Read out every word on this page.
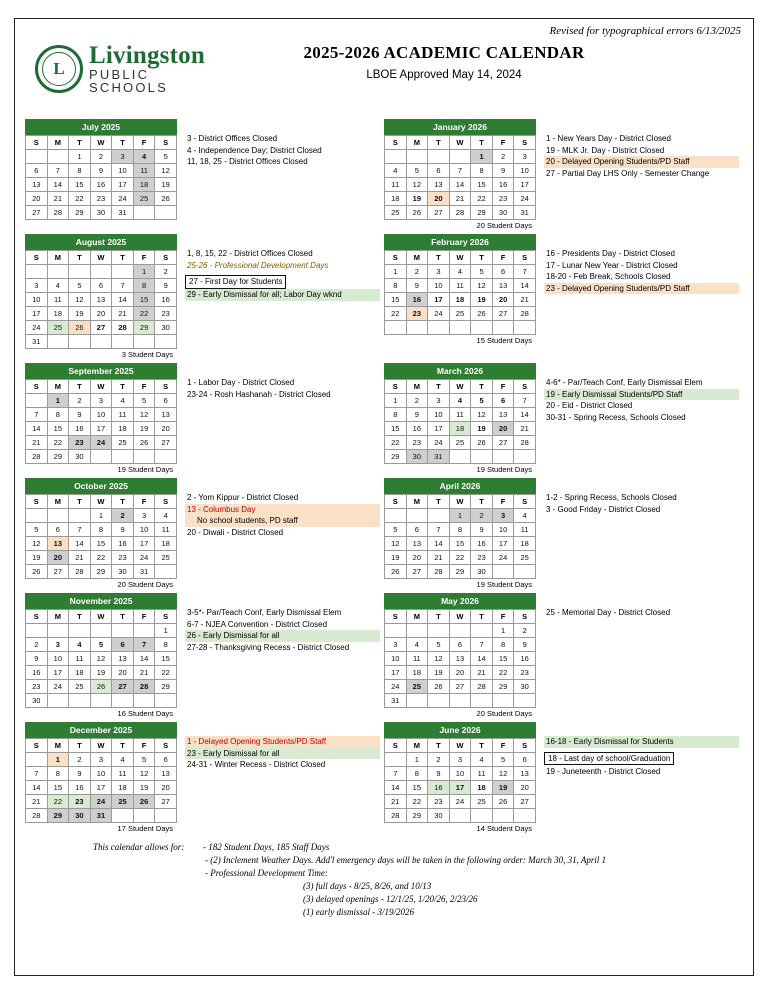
Revised for typographical errors 6/13/2025
L Livingston
PUBLIC SCHOOLS
2025-2026 ACADEMIC CALENDAR
LBOE Approved May 14, 2024
July 2025
S	M	T	W	T	F	S
		1	2	3	4	5
6	7	8	9	10	11	12
13	14	15	16	17	18	19
20	21	22	23	24	25	26
27	28	29	30	31		
3 - District Offices Closed
4 - Independence Day; District Closed
11, 18, 25 - District Offices Closed
January 2026
S	M	T	W	T	F	S
				1	2	3
4	5	6	7	8	9	10
11	12	13	14	15	16	17
18	19	20	21	22	23	24
25	26	27	28	29	30	31
20 Student Days
1 - New Years Day - District Closed
19 - MLK Jr. Day - District Closed
20 - Delayed Opening Students/PD Staff
27 - Partial Day LHS Only - Semester Change
August 2025
S	M	T	W	T	F	S
					1	2
3	4	5	6	7	8	9
10	11	12	13	14	15	16
17	18	19	20	21	22	23
24	25	26	27	28	29	30
31						
3 Student Days
1, 8, 15, 22 - District Offices Closed
25-26 - Professional Development Days
27 - First Day for Students
29 - Early Dismissal for all; Labor Day wknd
February 2026
S	M	T	W	T	F	S
1	2	3	4	5	6	7
8	9	10	11	12	13	14
15	16	17	18	19	20	21
22	23	24	25	26	27	28

15 Student Days
16 - Presidents Day - District Closed
17 - Lunar New Year - District Closed
18-20 - Feb Break, Schools Closed
23 - Delayed Opening Students/PD Staff
September 2025
S	M	T	W	T	F	S
	1	2	3	4	5	6
7	8	9	10	11	12	13
14	15	16	17	18	19	20
21	22	23	24	25	26	27
28	29	30				
19 Student Days
1 - Labor Day - District Closed
23-24 - Rosh Hashanah - District Closed
March 2026
S	M	T	W	T	F	S
1	2	3	4	5	6	7
8	9	10	11	12	13	14
15	16	17	18	19	20	21
22	23	24	25	26	27	28
29	30	31				
19 Student Days
4-6* - Par/Teach Conf, Early Dismissal Elem
19 - Early Dismissal Students/PD Staff
20 - Eid - District Closed
30-31 - Spring Recess, Schools Closed
October 2025
S	M	T	W	T	F	S
			1	2	3	4
5	6	7	8	9	10	11
12	13	14	15	16	17	18
19	20	21	22	23	24	25
26	27	28	29	30	31	
20 Student Days
2 - Yom Kippur - District Closed
13 - Columbus Day
No school students, PD staff
20 - Diwali - District Closed
April 2026
S	M	T	W	T	F	S
			1	2	3	4
5	6	7	8	9	10	11
12	13	14	15	16	17	18
19	20	21	22	23	24	25
26	27	28	29	30		
19 Student Days
1-2 - Spring Recess, Schools Closed
3 - Good Friday - District Closed
November 2025
S	M	T	W	T	F	S
						1
2	3	4	5	6	7	8
9	10	11	12	13	14	15
16	17	18	19	20	21	22
23	24	25	26	27	28	29
30						
16 Student Days
3-5*- Par/Teach Conf, Early Dismissal Elem
6-7 - NJEA Convention - District Closed
26 - Early Dismissal for all
27-28 - Thanksgiving Recess - District Closed
May 2026
S	M	T	W	T	F	S
					1	2
3	4	5	6	7	8	9
10	11	12	13	14	15	16
17	18	19	20	21	22	23
24	25	26	27	28	29	30
31						
20 Student Days
25 - Memorial Day - District Closed
December 2025
S	M	T	W	T	F	S
	1	2	3	4	5	6
7	8	9	10	11	12	13
14	15	16	17	18	19	20
21	22	23	24	25	26	27
28	29	30	31			
17 Student Days
1 - Delayed Opening Students/PD Staff
23 - Early Dismissal for all
24-31 - Winter Recess - District Closed
June 2026
S	M	T	W	T	F	S
	1	2	3	4	5	6
7	8	9	10	11	12	13
14	15	16	17	18	19	20
21	22	23	24	25	26	27
28	29	30				
14 Student Days
16-18 - Early Dismissal for Students
18 - Last day of school/Graduation
19 - Juneteenth - District Closed
This calendar allows for: - 182 Student Days, 185 Staff Days
- (2) Inclement Weather Days. Add'l emergency days will be taken in the following order: March 30, 31, April 1
- Professional Development Time:
(3) full days - 8/25, 8/26, and 10/13
(3) delayed openings - 12/1/25, 1/20/26, 2/23/26
(1) early dismissal - 3/19/2026
